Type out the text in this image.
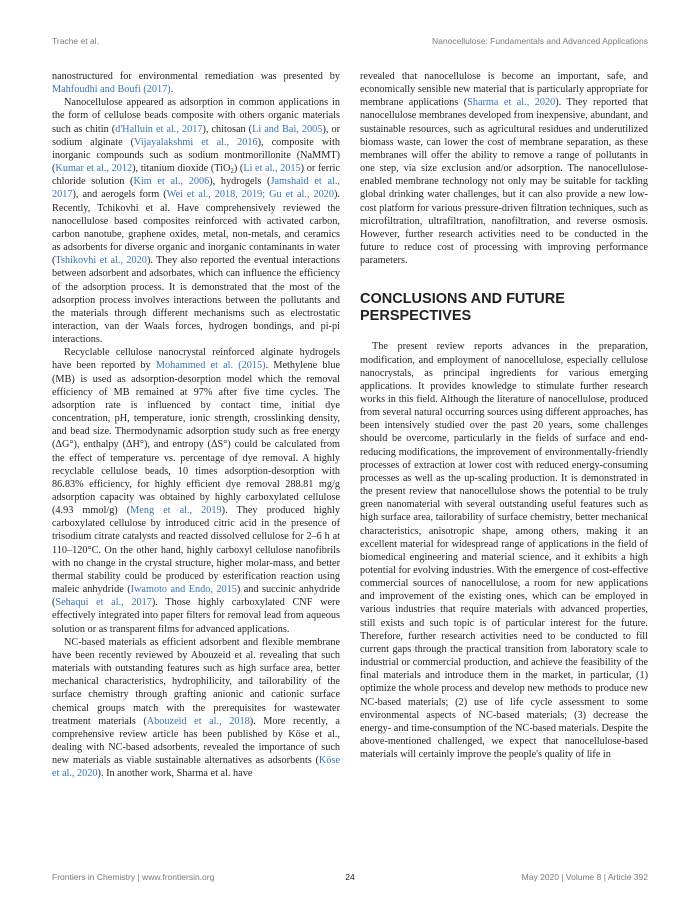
Trache et al.	Nanocellulose: Fundamentals and Advanced Applications

nanostructured for environmental remediation was presented by Mahfoudhi and Boufi (2017).

Nanocellulose appeared as adsorption in common applications in the form of cellulose beads composite with others organic materials such as chitin (d'Halluin et al., 2017), chitosan (Li and Bai, 2005), or sodium alginate (Vijayalakshmi et al., 2016), composite with inorganic compounds such as sodium montmorillonite (NaMMT) (Kumar et al., 2012), titanium dioxide (TiO$_2$) (Li et al., 2015) or ferric chloride solution (Kim et al., 2006), hydrogels (Jamshaid et al., 2017), and aerogels form (Wei et al., 2018, 2019; Gu et al., 2020). Recently, Tchikovhi et al. Have comprehensively reviewed the nanocellulose based composites reinforced with activated carbon, carbon nanotube, graphene oxides, metal, non-metals, and ceramics as adsorbents for diverse organic and inorganic contaminants in water (Tshikovhi et al., 2020). They also reported the eventual interactions between adsorbent and adsorbates, which can influence the efficiency of the adsorption process. It is demonstrated that the most of the adsorption process involves interactions between the pollutants and the materials through different mechanisms such as electrostatic interaction, van der Waals forces, hydrogen bondings, and pi-pi interactions.

Recyclable cellulose nanocrystal reinforced alginate hydrogels have been reported by Mohammed et al. (2015). Methylene blue (MB) is used as adsorption-desorption model which the removal efficiency of MB remained at 97% after five time cycles. The adsorption rate is influenced by contact time, initial dye concentration, pH, temperature, ionic strength, crosslinking density, and bead size. Thermodynamic adsorption study such as free energy (ΔG°), enthalpy (ΔH°), and entropy (ΔS°) could be calculated from the effect of temperature vs. percentage of dye removal. A highly recyclable cellulose beads, 10 times adsorption-desorption with 86.83% efficiency, for highly efficient dye removal 288.81 mg/g adsorption capacity was obtained by highly carboxylated cellulose (4.93 mmol/g) (Meng et al., 2019). They produced highly carboxylated cellulose by introduced citric acid in the presence of trisodium citrate catalysts and reacted dissolved cellulose for 2–6 h at 110–120°C. On the other hand, highly carboxyl cellulose nanofibrils with no change in the crystal structure, higher molar-mass, and better thermal stability could be produced by esterification reaction using maleic anhydride (Iwamoto and Endo, 2015) and succinic anhydride (Sehaqui et al., 2017). Those highly carboxylated CNF were effectively integrated into paper filters for removal lead from aqueous solution or as transparent films for advanced applications.

NC-based materials as efficient adsorbent and flexible membrane have been recently reviewed by Abouzeid et al. revealing that such materials with outstanding features such as high surface area, better mechanical characteristics, hydrophilicity, and tailorability of the surface chemistry through grafting anionic and cationic surface chemical groups match with the prerequisites for wastewater treatment materials (Abouzeid et al., 2018). More recently, a comprehensive review article has been published by Köse et al., dealing with NC-based adsorbents, revealed the importance of such new materials as viable sustainable alternatives as adsorbents (Köse et al., 2020). In another work, Sharma et al. have

revealed that nanocellulose is become an important, safe, and economically sensible new material that is particularly appropriate for membrane applications (Sharma et al., 2020). They reported that nanocellulose membranes developed from inexpensive, abundant, and sustainable resources, such as agricultural residues and underutilized biomass waste, can lower the cost of membrane separation, as these membranes will offer the ability to remove a range of pollutants in one step, via size exclusion and/or adsorption. The nanocellulose-enabled membrane technology not only may be suitable for tackling global drinking water challenges, but it can also provide a new low-cost platform for various pressure-driven filtration techniques, such as microfiltration, ultrafiltration, nanofiltration, and reverse osmosis. However, further research activities need to be conducted in the future to reduce cost of processing with improving performance parameters.

CONCLUSIONS AND FUTURE PERSPECTIVES

The present review reports advances in the preparation, modification, and employment of nanocellulose, especially cellulose nanocrystals, as principal ingredients for various emerging applications. It provides knowledge to stimulate further research works in this field. Although the literature of nanocellulose, produced from several natural occurring sources using different approaches, has been intensively studied over the past 20 years, some challenges should be overcome, particularly in the fields of surface and end-reducing modifications, the improvement of environmentally-friendly processes of extraction at lower cost with reduced energy-consuming processes as well as the up-scaling production. It is demonstrated in the present review that nanocellulose shows the potential to be truly green nanomaterial with several outstanding useful features such as high surface area, tailorability of surface chemistry, better mechanical characteristics, anisotropic shape, among others, making it an excellent material for widespread range of applications in the field of biomedical engineering and material science, and it exhibits a high potential for evolving industries. With the emergence of cost-effective commercial sources of nanocellulose, a room for new applications and improvement of the existing ones, which can be employed in various industries that require materials with advanced properties, still exists and such topic is of particular interest for the future. Therefore, further research activities need to be conducted to fill current gaps through the practical transition from laboratory scale to industrial or commercial production, and achieve the feasibility of the final materials and introduce them in the market, in particular, (1) optimize the whole process and develop new methods to produce new NC-based materials; (2) use of life cycle assessment to some environmental aspects of NC-based materials; (3) decrease the energy- and time-consumption of the NC-based materials. Despite the above-mentioned challenged, we expect that nanocellulose-based materials will certainly improve the people's quality of life in

Frontiers in Chemistry | www.frontiersin.org	24	May 2020 | Volume 8 | Article 392
